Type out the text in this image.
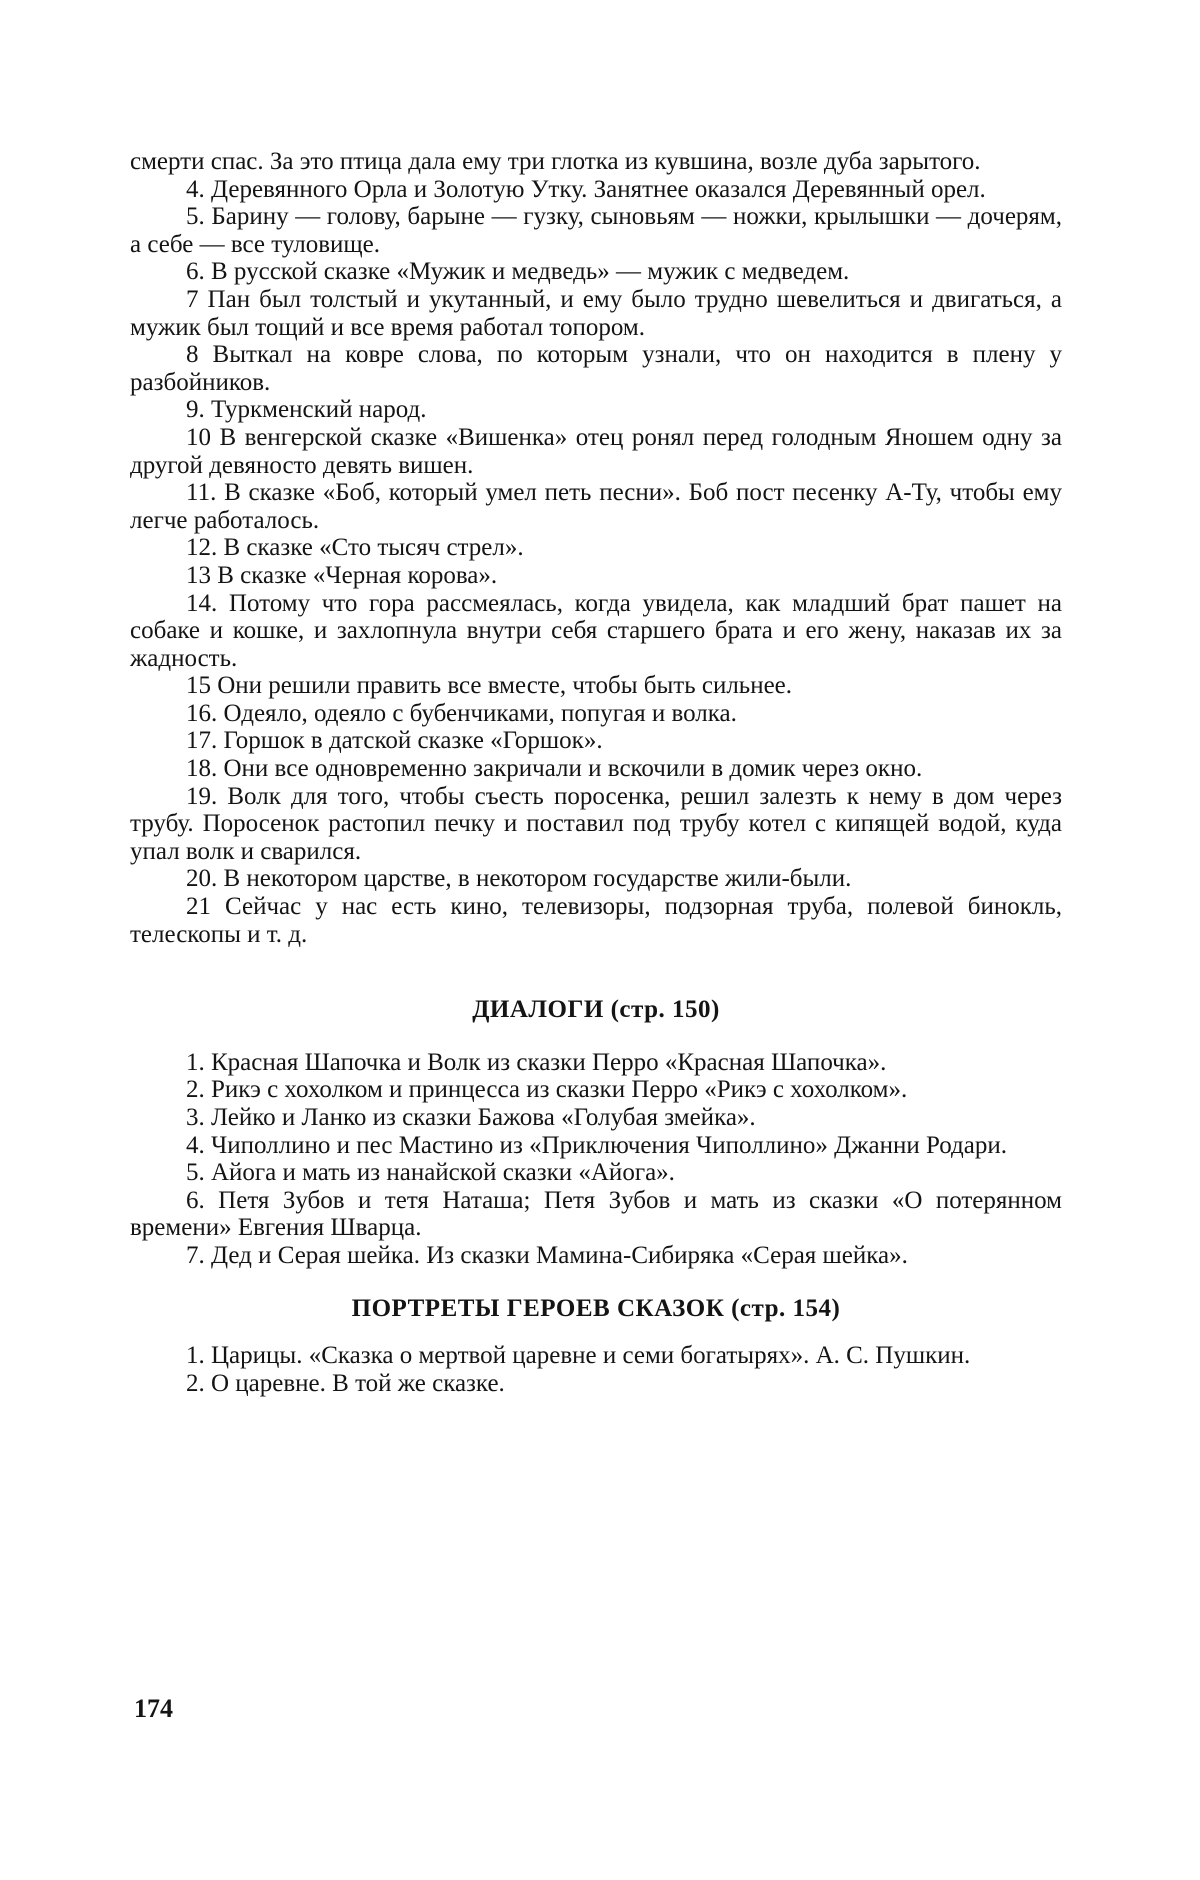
смерти спас. За это птица дала ему три глотка из кувшина, возле дуба зарытого.

4. Деревянного Орла и Золотую Утку. Занятнее оказался Деревянный орел.

5. Барину — голову, барыне — гузку, сыновьям — ножки, крылышки — дочерям, а себе — все туловище.

6. В русской сказке «Мужик и медведь» — мужик с медведем.

7 Пан был толстый и укутанный, и ему было трудно шевелиться и двигаться, а мужик был тощий и все время работал топором.

8 Выткал на ковре слова, по которым узнали, что он находится в плену у разбойников.

9. Туркменский народ.

10 В венгерской сказке «Вишенка» отец ронял перед голодным Яношем одну за другой девяносто девять вишен.

11. В сказке «Боб, который умел петь песни». Боб пост песенку А-Ту, чтобы ему легче работалось.

12. В сказке «Сто тысяч стрел».

13 В сказке «Черная корова».

14. Потому что гора рассмеялась, когда увидела, как младший брат пашет на собаке и кошке, и захлопнула внутри себя старшего брата и его жену, наказав их за жадность.

15 Они решили править все вместе, чтобы быть сильнее.

16. Одеяло, одеяло с бубенчиками, попугая и волка.

17. Горшок в датской сказке «Горшок».

18. Они все одновременно закричали и вскочили в домик через окно.

19. Волк для того, чтобы съесть поросенка, решил залезть к нему в дом через трубу. Поросенок растопил печку и поставил под трубу котел с кипящей водой, куда упал волк и сварился.

20. В некотором царстве, в некотором государстве жили-были.

21 Сейчас у нас есть кино, телевизоры, подзорная труба, полевой бинокль, телескопы и т. д.

ДИАЛОГИ (стр. 150)

1. Красная Шапочка и Волк из сказки Перро «Красная Шапочка».

2. Рикэ с хохолком и принцесса из сказки Перро «Рикэ с хохолком».

3. Лейко и Ланко из сказки Бажова «Голубая змейка».

4. Чиполлино и пес Мастино из «Приключения Чиполлино» Джанни Родари.

5. Айога и мать из нанайской сказки «Айога».

6. Петя Зубов и тетя Наташа; Петя Зубов и мать из сказки «О потерянном времени» Евгения Шварца.

7. Дед и Серая шейка. Из сказки Мамина-Сибиряка «Серая шейка».

ПОРТРЕТЫ ГЕРОЕВ СКАЗОК (стр. 154)

1. Царицы. «Сказка о мертвой царевне и семи богатырях». А. С. Пушкин.

2. О царевне. В той же сказке.

174
